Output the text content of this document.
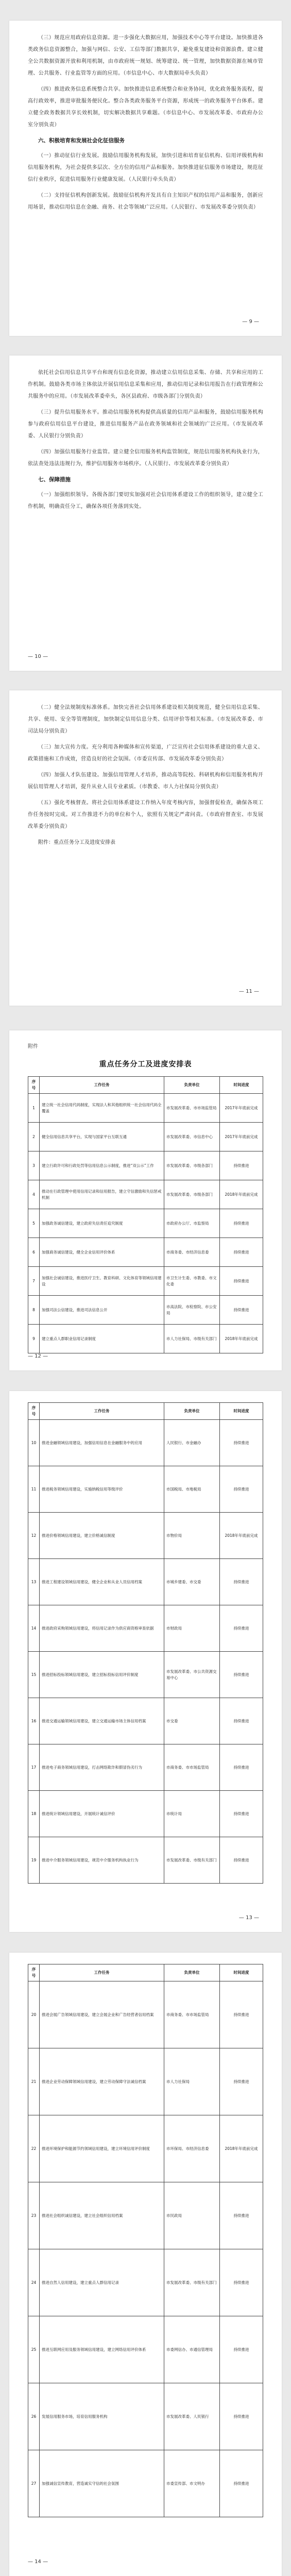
（三）规范应用政府信息资源。进一步强化大数据应用，加强技术中心等平台建设。加快推进各类政务信息资源整合，加强与网信、公安、工信等部门数据共享，避免重复建设和资源浪费。建立健全公共数据资源开放和利用机制，由市政府统一规划、统筹建设、统一管理，加快数据资源在城市管理、公共服务、行业监管等方面的应用。（市信息中心、市大数据局牵头负责）

（四）推进政务信息系统整合共享。加快推进信息系统整合和业务协同，优化政务服务流程，提高行政效率，推进审批服务便民化。整合各类政务服务平台资源，形成统一的政务服务平台体系。建立健全政务数据共享长效机制，切实解决数据共享难题。（市信息中心、市发展改革委、市政府办公室分别负责）

六、积极培育和发展社会化征信服务

（一）推动征信行业发展。鼓励信用服务机构发展，加快引进和培育征信机构、信用评级机构和信用服务机构，为社会提供多层次、全方位的信用产品和服务。加快推进征信服务市场建设，规范征信行业秩序，促进信用服务行业健康发展。（人民银行牵头负责）

（二）支持征信机构创新发展。鼓励征信机构开发具有自主知识产权的信用产品和服务，创新应用场景，推动信用信息在金融、商务、社会等领域广泛应用。（人民银行、市发展改革委分别负责）

— 9 —

依托社会信用信息共享平台和现有信息化资源，推动建立信用信息采集、存储、共享和应用的工作机制。鼓励各类市场主体依法开展信用信息采集和应用，推动信用记录和信用报告在行政管理和公共服务中的应用。（市发展改革委牵头，各区县政府、市级各部门分别负责）

（三）提升信用服务水平。推动信用服务机构提供高质量的信用产品和服务，鼓励信用服务机构参与政府信用信息平台建设，推进信用服务产品在政务领域和社会领域的广泛应用。（市发展改革委、人民银行分别负责）

（四）加强信用服务行业监管。建立健全信用服务机构监管制度，规范信用服务机构执业行为，依法查处违法违规行为，维护信用服务市场秩序。（人民银行、市发展改革委分别负责）

七、保障措施

（一）加强组织领导。各级各部门要切实加强对社会信用体系建设工作的组织领导，建立健全工作机制，明确责任分工，确保各项任务落到实处。

— 10 —

（二）健全法规制度标准体系。加快完善社会信用体系建设相关制度规范，健全信用信息采集、共享、使用、安全等管理制度，加快制定信用信息分类、信用评价等相关标准。（市发展改革委、市司法局分别负责）

（三）加大宣传力度。充分利用各种媒体和宣传渠道，广泛宣传社会信用体系建设的重大意义、政策措施和工作成效，营造良好的社会氛围。（市委宣传部、市发展改革委分别负责）

（四）加强人才队伍建设。加强信用管理人才培养，推动高等院校、科研机构和信用服务机构开展信用管理人才培训，提升从业人员专业素质。（市教委、市人力社保局分别负责）

（五）强化考核督查。将社会信用体系建设工作纳入年度考核内容，加强督促检查，确保各项工作任务按时完成。对工作推进不力的单位和个人，依照有关规定严肃问责。（市政府督查室、市发展改革委分别负责）

附件：重点任务分工及进度安排表

— 11 —
附件
重点任务分工及进度安排表
序号	工作任务	负责单位	时间进度
1	建立统一社会信用代码制度，实现法人和其他组织统一社会信用代码全覆盖	市发展改革委、市市场监管局	2017年年底前完成
2	健全信用信息共享平台，实现与国家平台互联互通	市发展改革委、市信息中心	2017年年底前完成
3	建立行政许可和行政处罚等信用信息公示制度，推进“双公示”工作	市发展改革委、市级各部门	持续推进
4	推动在行政管理中使用信用记录和信用报告，建立守信激励和失信惩戒机制	市发展改革委、市级各部门	2018年年底前完成
5	加强政务诚信建设，建立政府失信责任追究制度	市政府办公厅、市监察局	持续推进
6	加强商务诚信建设，健全企业信用评价体系	市商务委、市经济信息委	持续推进
7	加强社会诚信建设，推进医疗卫生、教育科研、文化体育等领域信用建设	市卫生计生委、市教委、市文化委	持续推进
8	加强司法公信建设，推进司法信息公开	市高法院、市检察院、市公安局	持续推进
9	建立重点人群职业信用记录制度	市人力社保局、市级有关部门	2018年年底前完成
— 12 —
序号	工作任务	负责单位	时间进度
10	推进金融领域信用建设，加强信用信息在金融服务中的应用	人民银行、市金融办	持续推进
11	推进税务领域信用建设，实施纳税信用等级评价	市国税局、市地税局	持续推进
12	推进价格领域信用建设，建立价格诚信制度	市物价局	2018年年底前完成
13	推进工程建设领域信用建设，健全企业和从业人员信用档案	市城乡建委、市交委	持续推进
14	推进政府采购领域信用建设，将信用记录作为供应商资格审查依据	市财政局	持续推进
15	推进招标投标领域信用建设，建立招标投标信用评价制度	市发展改革委、市公共资源交易中心	持续推进
16	推进交通运输领域信用建设，建立交通运输市场主体信用档案	市交委	持续推进
17	推进电子商务领域信用建设，打击网络欺诈和假冒伪劣行为	市商务委、市市场监管局	持续推进
18	推进统计领域信用建设，开展统计诚信评价	市统计局	持续推进
19	推进中介服务领域信用建设，规范中介服务机构执业行为	市发展改革委、市级有关部门	持续推进
— 13 —
序号	工作任务	负责单位	时间进度
20	推进会展广告领域信用建设，建立会展企业和广告经营者信用档案	市商务委、市市场监管局	持续推进
21	推进企业劳动保障领域信用建设，建立劳动保障守法诚信档案	市人力社保局	持续推进
22	推进环境保护和能源节约领域信用建设，建立环境信用评价制度	市环保局、市经济信息委	2018年年底前完成
23	推进社会组织诚信建设，建立社会组织信用档案	市民政局	持续推进
24	推进自然人信用建设，建立重点人群信用记录	市发展改革委、市级有关部门	持续推进
25	推进互联网应用及服务领域信用建设，建立网络信用评价体系	市委网信办、市通信管理局	持续推进
26	发展信用服务市场，培育信用服务机构	市发展改革委、人民银行	持续推进
27	加强诚信宣传教育，营造诚实守信的社会氛围	市委宣传部、市文明办	持续推进
— 14 —
